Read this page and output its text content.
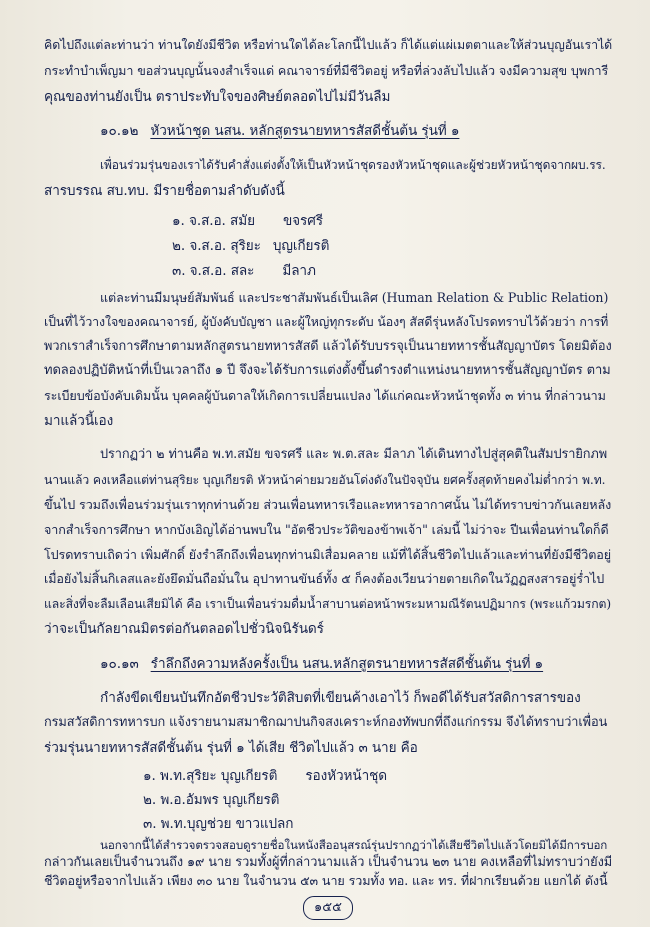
คิดไปถึงแต่ละท่านว่า ท่านใดยังมีชีวิต หรือท่านใดได้ละโลกนี้ไปแล้ว ก็ได้แต่แผ่เมตตาและให้ส่วนบุญอันเราได้
กระทำบำเพ็ญมา ขอส่วนบุญนั้นจงสำเร็จแด่ คณาจารย์ที่มีชีวิตอยู่ หรือที่ล่วงลับไปแล้ว จงมีความสุข บุพการี
คุณของท่านยังเป็น ตราประทับใจของศิษย์ตลอดไปไม่มีวันลืม
๑๐.๑๒ หัวหน้าชุด นสน. หลักสูตรนายทหารสัสดีชั้นต้น รุ่นที่ ๑
เพื่อนร่วมรุ่นของเราได้รับคำสั่งแต่งตั้งให้เป็นหัวหน้าชุดรองหัวหน้าชุดและผู้ช่วยหัวหน้าชุดจากผบ.รร.
สารบรรณ สบ.ทบ. มีรายชื่อตามลำดับดังนี้
๑. จ.ส.อ. สมัย ขจรศรี
๒. จ.ส.อ. สุริยะ บุญเกียรติ
๓. จ.ส.อ. สละ มีลาภ
แต่ละท่านมีมนุษย์สัมพันธ์ และประชาสัมพันธ์เป็นเลิศ (Human Relation & Public Relation)
เป็นที่ไว้วางใจของคณาจารย์, ผู้บังคับบัญชา และผู้ใหญ่ทุกระดับ น้องๆ สัสดีรุ่นหลังโปรดทราบไว้ด้วยว่า การที่
พวกเราสำเร็จการศึกษาตามหลักสูตรนายทหารสัสดี แล้วได้รับบรรจุเป็นนายทหารชั้นสัญญาบัตร โดยมิต้อง
ทดลองปฏิบัติหน้าที่เป็นเวลาถึง ๑ ปี จึงจะได้รับการแต่งตั้งขึ้นดำรงตำแหน่งนายทหารชั้นสัญญาบัตร ตาม
ระเบียบข้อบังคับเดิมนั้น บุคคลผู้บันดาลให้เกิดการเปลี่ยนแปลง ได้แก่คณะหัวหน้าชุดทั้ง ๓ ท่าน ที่กล่าวนาม
มาแล้วนี้เอง
ปรากฏว่า ๒ ท่านคือ พ.ท.สมัย ขจรศรี และ พ.ต.สละ มีลาภ ได้เดินทางไปสู่สุคติในสัมปรายิกภพ
นานแล้ว คงเหลือแต่ท่านสุริยะ บุญเกียรติ หัวหน้าค่ายมวยอันโด่งดังในปัจจุบัน ยศครั้งสุดท้ายคงไม่ต่ำกว่า พ.ท.
ขึ้นไป รวมถึงเพื่อนร่วมรุ่นเราทุกท่านด้วย ส่วนเพื่อนทหารเรือและทหารอากาศนั้น ไม่ได้ทราบข่าวกันเลยหลัง
จากสำเร็จการศึกษา หากบังเอิญได้อ่านพบใน "อัตชีวประวัติของข้าพเจ้า" เล่มนี้ ไม่ว่าจะ ปีนเพื่อนท่านใดก็ดี
โปรดทราบเถิดว่า เพิ่มศักดิ์ ยังรำลึกถึงเพื่อนทุกท่านมิเสื่อมคลาย แม้ที่ได้สิ้นชีวิตไปแล้วและท่านที่ยังมีชีวิตอยู่
เมื่อยังไม่สิ้นกิเลสและยังยึดมั่นถือมั่นใน อุปาทานขันธ์ทั้ง ๕ ก็คงต้องเวียนว่ายตายเกิดในวัฏฏสงสารอยู่ร่ำไป
และสิ่งที่จะลืมเลือนเสียมิได้ คือ เราเป็นเพื่อนร่วมดื่มน้ำสาบานต่อหน้าพระมหามณีรัตนปฏิมากร (พระแก้วมรกต)
ว่าจะเป็นกัลยาณมิตรต่อกันตลอดไปชั่วนิจนิรันดร์
๑๐.๑๓ รำลึกถึงความหลังครั้งเป็น นสน.หลักสูตรนายทหารสัสดีชั้นต้น รุ่นที่ ๑
กำลังขีดเขียนบันทึกอัตชีวประวัติสิบตที่เขียนค้างเอาไว้ ก็พอดีได้รับสวัสดิการสารของ
กรมสวัสดิการทหารบก แจ้งรายนามสมาชิกฌาปนกิจสงเคราะห์กองทัพบกที่ถึงแก่กรรม จึงได้ทราบว่าเพื่อน
ร่วมรุ่นนายทหารสัสดีชั้นต้น รุ่นที่ ๑ ได้เสีย ชีวิตไปแล้ว ๓ นาย คือ
๑. พ.ท.สุริยะ บุญเกียรติ รองหัวหน้าชุด
๒. พ.อ.อัมพร บุญเกียรติ
๓. พ.ท.บุญช่วย ขาวแปลก
นอกจากนี้ได้สำรวจตรวจสอบดูรายชื่อในหนังสืออนุสรณ์รุ่นปรากฏว่าได้เสียชีวิตไปแล้วโดยมิได้มีการบอก
กล่าวกันเลยเป็นจำนวนถึง ๑๙ นาย รวมทั้งผู้ที่กล่าวนามแล้ว เป็นจำนวน ๒๓ นาย คงเหลือที่ไม่ทราบว่ายังมี
ชีวิตอยู่หรือจากไปแล้ว เพียง ๓๐ นาย ในจำนวน ๕๓ นาย รวมทั้ง ทอ. และ ทร. ที่ฝากเรียนด้วย แยกได้ ดังนี้
๑๕๕
